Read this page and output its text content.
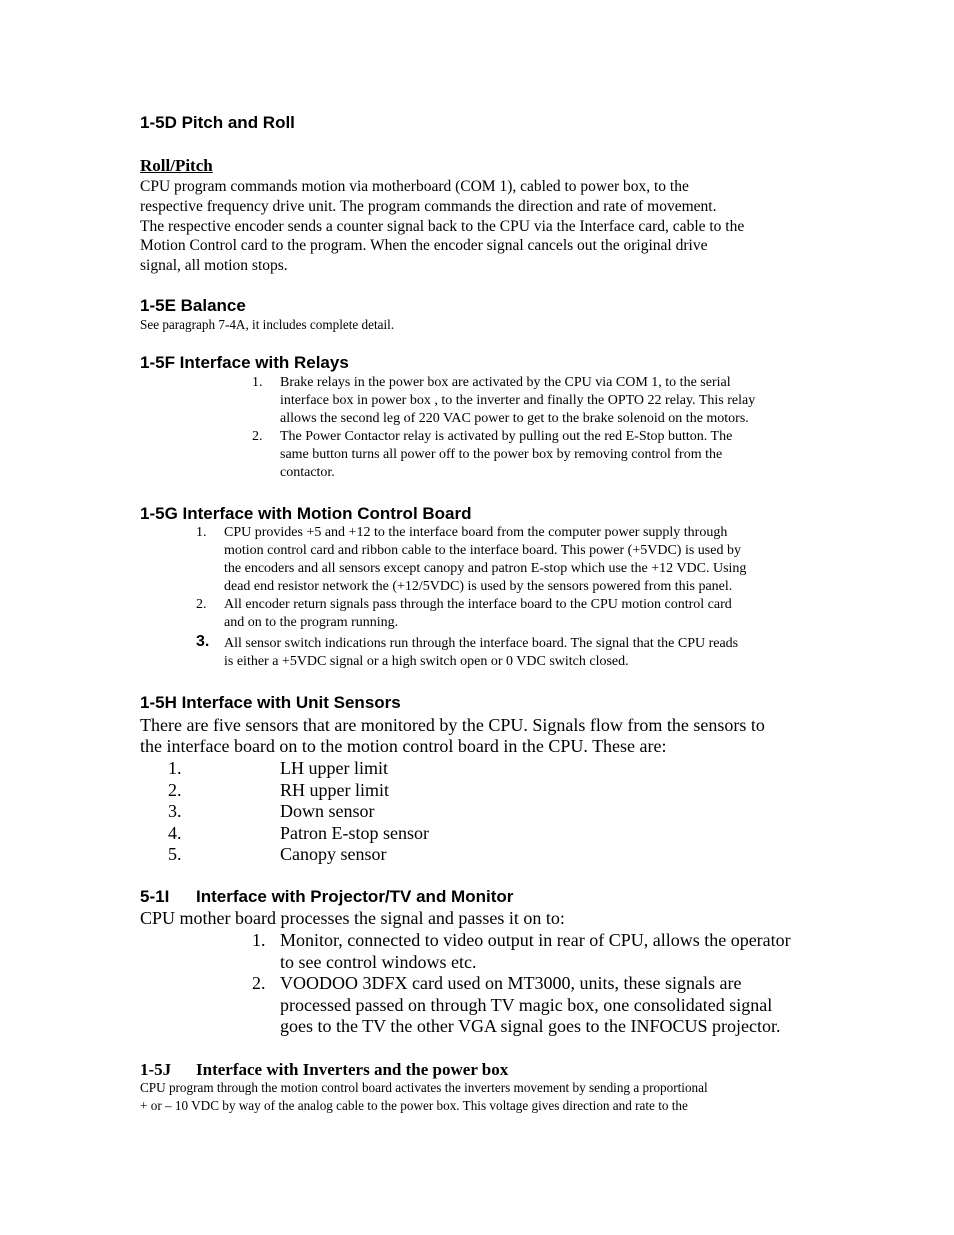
1-5D Pitch and Roll
Roll/Pitch
CPU program commands motion via motherboard (COM 1), cabled to power box, to the
respective frequency drive unit. The program commands the direction and rate of movement.
The respective encoder sends a counter signal back to the CPU via the Interface card, cable to the
Motion Control card to the program. When the encoder signal cancels out the original drive
signal, all motion stops.
1-5E Balance
See paragraph 7-4A, it includes complete detail.
1-5F Interface with Relays
1. Brake relays in the power box are activated by the CPU via COM 1, to the serial
interface box in power box , to the inverter and finally the OPTO 22 relay. This relay
allows the second leg of 220 VAC power to get to the brake solenoid on the motors.
2. The Power Contactor relay is activated by pulling out the red E-Stop button. The
same button turns all power off to the power box by removing control from the
contactor.
1-5G Interface with Motion Control Board
1. CPU provides +5 and +12 to the interface board from the computer power supply through
motion control card and ribbon cable to the interface board. This power (+5VDC) is used by
the encoders and all sensors except canopy and patron E-stop which use the +12 VDC. Using
dead end resistor network the (+12/5VDC) is used by the sensors powered from this panel.
2. All encoder return signals pass through the interface board to the CPU motion control card
and on to the program running.
3. All sensor switch indications run through the interface board. The signal that the CPU reads
is either a +5VDC signal or a high switch open or 0 VDC switch closed.
1-5H Interface with Unit Sensors
There are five sensors that are monitored by the CPU. Signals flow from the sensors to
the interface board on to the motion control board in the CPU. These are:
1.	LH upper limit
2.	RH upper limit
3.	Down sensor
4.	Patron E-stop sensor
5.	Canopy sensor
5-1I Interface with Projector/TV and Monitor
CPU mother board processes the signal and passes it on to:
1. Monitor, connected to video output in rear of CPU, allows the operator
to see control windows etc.
2. VOODOO 3DFX card used on MT3000, units, these signals are
processed passed on through TV magic box, one consolidated signal
goes to the TV the other VGA signal goes to the INFOCUS projector.
1-5J Interface with Inverters and the power box
CPU program through the motion control board activates the inverters movement by sending a proportional
+ or – 10 VDC by way of the analog cable to the power box. This voltage gives direction and rate to the
